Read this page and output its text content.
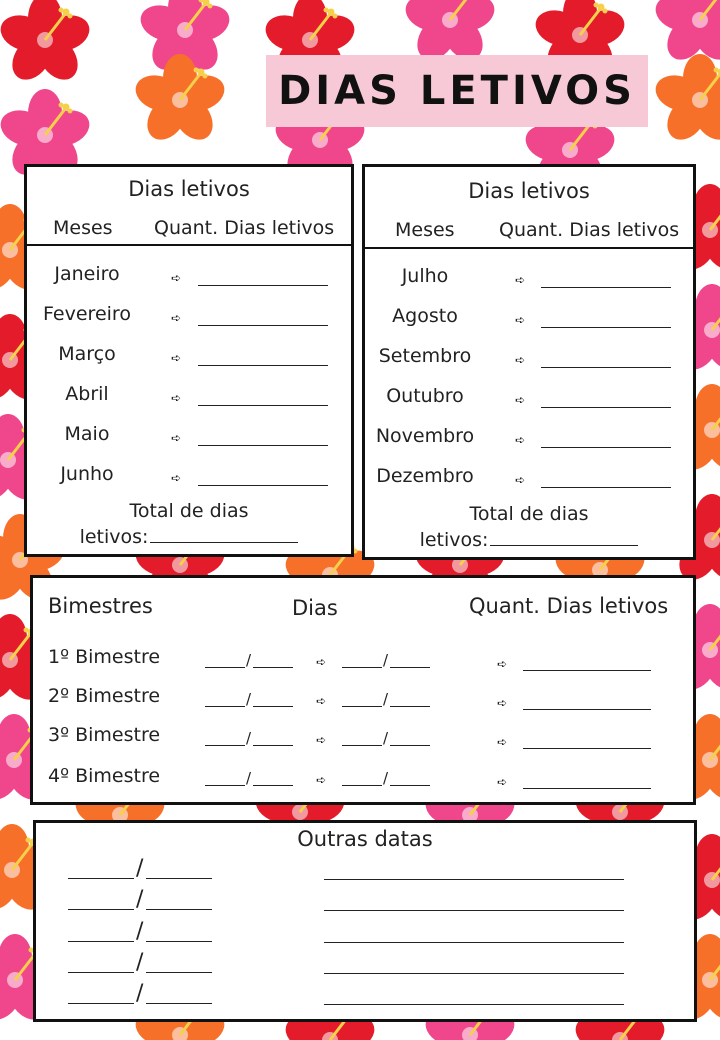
DIAS LETIVOS
Dias letivos
Meses Quant. Dias letivos
Janeiro	➪
Fevereiro	➪
Março	➪
Abril	➪
Maio	➪
Junho	➪
Total de dias
letivos:
Dias letivos
Meses Quant. Dias letivos
Julho	➪
Agosto	➪
Setembro	➪
Outubro	➪
Novembro	➪
Dezembro	➪
Total de dias
letivos:
Bimestres	Dias	Quant. Dias letivos
1º Bimestre	/	➪	/	➪
2º Bimestre	/	➪	/	➪
3º Bimestre	/	➪	/	➪
4º Bimestre	/	➪	/	➪
Outras datas
/
/
/
/
/
